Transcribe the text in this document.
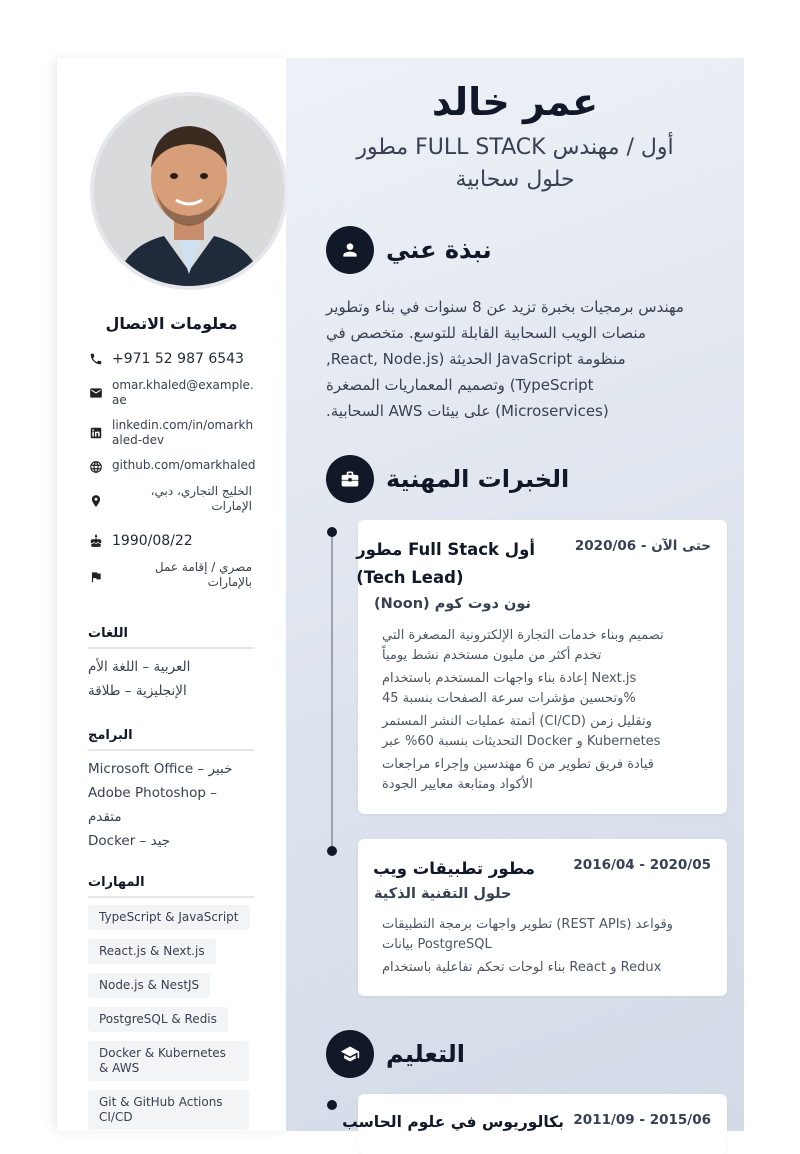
معلومات الاتصال
+971 52 987 6543
omar.khaled@example.ae
linkedin.com/in/omarkhaled-dev
github.com/omarkhaled
الخليج التجاري، دبي، الإمارات
1990/08/22
مصري / إقامة عمل بالإمارات
اللغات
العربية – اللغة الأم
الإنجليزية – طلاقة
البرامج
Microsoft Office – خبير
Adobe Photoshop –
متقدم
Docker – جيد
المهارات
TypeScript & JavaScript
React.js & Next.js
Node.js & NestJS
PostgreSQL & Redis
Docker & Kubernetes & AWS
Git & GitHub Actions CI/CD
عمر خالد
أول / مهندس FULL STACK مطور
حلول سحابية
نبذة عني
مهندس برمجيات بخبرة تزيد عن 8 سنوات في بناء وتطوير
منصات الويب السحابية القابلة للتوسع. متخصص في
منظومة JavaScript الحديثة (React, Node.js,
TypeScript) وتصميم المعماريات المصغرة
(Microservices) على بيئات AWS السحابية.
الخبرات المهنية
حتى الآن - 2020/06
أول Full Stack مطور
(Tech Lead)
نون دوت كوم (Noon)
تصميم وبناء خدمات التجارة الإلكترونية المصغرة التي
تخدم أكثر من مليون مستخدم نشط يومياً
إعادة بناء واجهات المستخدم باستخدام Next.js
وتحسين مؤشرات سرعة الصفحات بنسبة 45%
أتمتة عمليات النشر المستمر (CI/CD) وتقليل زمن
التحديثات بنسبة 60% عبر Docker و Kubernetes
قيادة فريق تطوير من 6 مهندسين وإجراء مراجعات
الأكواد ومتابعة معايير الجودة
2016/04 - 2020/05
مطور تطبيقات ويب
حلول التقنية الذكية
تطوير واجهات برمجة التطبيقات (REST APIs) وقواعد
بيانات PostgreSQL
بناء لوحات تحكم تفاعلية باستخدام React و Redux
التعليم
2011/09 - 2015/06
بكالوريوس في علوم الحاسب
